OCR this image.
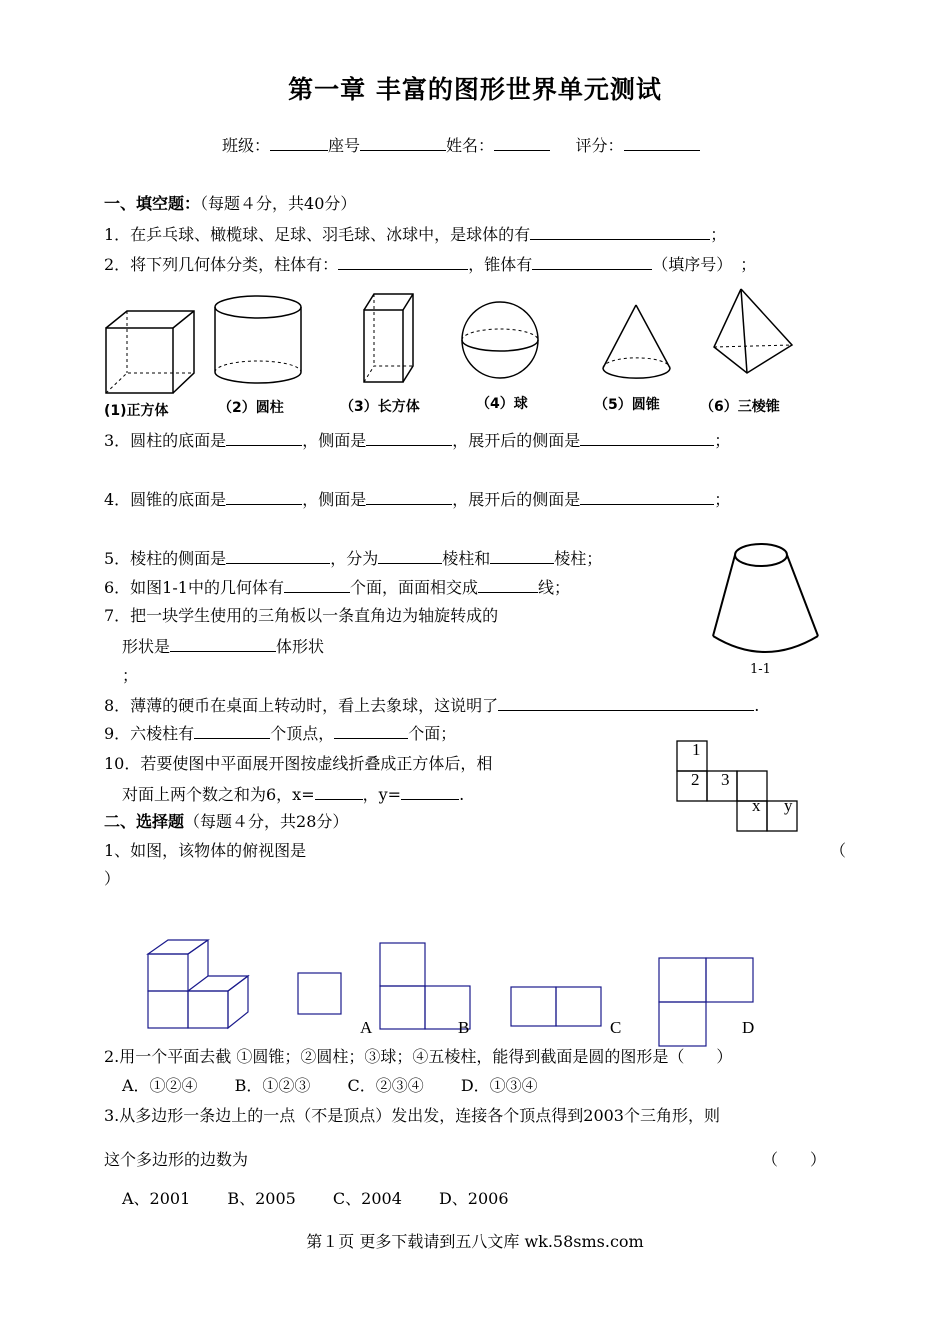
第一章 丰富的图形世界单元测试
班级：	座号	姓名：	评分：
一、填空题：（每题４分，共40分）
1．在乒乓球、橄榄球、足球、羽毛球、冰球中，是球体的有	；
2．将下列几何体分类，柱体有：	，锥体有	（填序号）　；
(1)正方体	（2）圆柱	（3）长方体	（4）球	（5）圆锥	（6）三棱锥
3．圆柱的底面是	，侧面是	，展开后的侧面是	；
4．圆锥的底面是	，侧面是	，展开后的侧面是	；
5．棱柱的侧面是	，分为	棱柱和	棱柱；
6．如图1-1中的几何体有	个面，面面相交成	线；
1-1
7．把一块学生使用的三角板以一条直角边为轴旋转成的
形状是	体形状
；
8．薄薄的硬币在桌面上转动时，看上去象球，这说明了	.
9．六棱柱有	个顶点，	个面；
10．若要使图中平面展开图按虚线折叠成正方体后，相
对面上两个数之和为6，x=	，y=	.
1
2 3
x y
二、选择题（每题４分，共28分）
1、如图，该物体的俯视图是	（
）
A	B	C	D
2.用一个平面去截 ①圆锥；②圆柱；③球；④五棱柱，能得到截面是圆的图形是（　　）
A．①②④　　 B．①②③　　 C．②③④　　 D．①③④
3.从多边形一条边上的一点（不是顶点）发出发，连接各个顶点得到2003个三角形，则
这个多边形的边数为	（　　）
A、2001　　 B、2005　　 C、2004　　 D、2006
第１页 更多下载请到五八文库 wk.58sms.com
